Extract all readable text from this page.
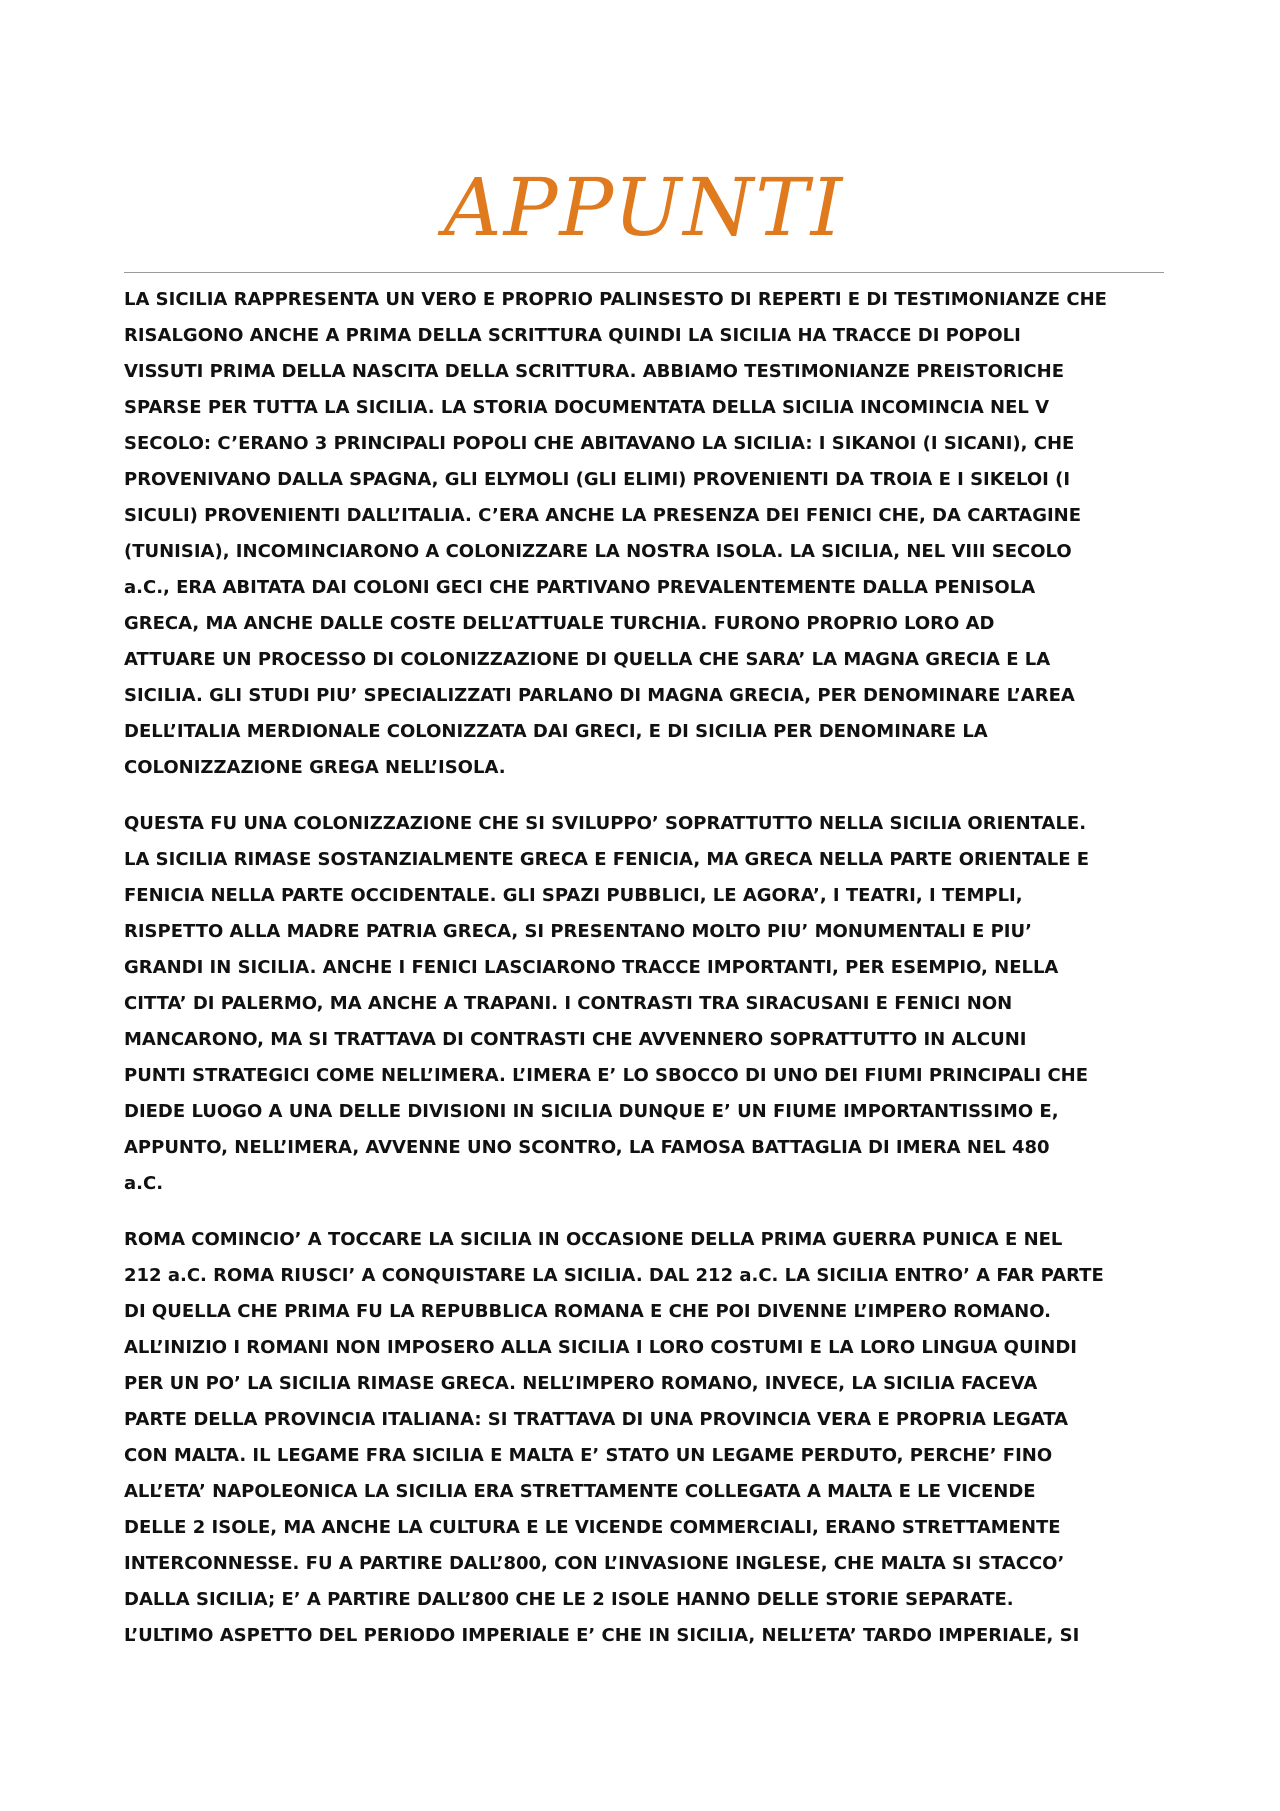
APPUNTI

LA SICILIA RAPPRESENTA UN VERO E PROPRIO PALINSESTO DI REPERTI E DI TESTIMONIANZE CHE
RISALGONO ANCHE A PRIMA DELLA SCRITTURA QUINDI LA SICILIA HA TRACCE DI POPOLI
VISSUTI PRIMA DELLA NASCITA DELLA SCRITTURA. ABBIAMO TESTIMONIANZE PREISTORICHE
SPARSE PER TUTTA LA SICILIA. LA STORIA DOCUMENTATA DELLA SICILIA INCOMINCIA NEL V
SECOLO: C’ERANO 3 PRINCIPALI POPOLI CHE ABITAVANO LA SICILIA: I SIKANOI (I SICANI), CHE
PROVENIVANO DALLA SPAGNA, GLI ELYMOLI (GLI ELIMI) PROVENIENTI DA TROIA E I SIKELOI (I
SICULI) PROVENIENTI DALL’ITALIA. C’ERA ANCHE LA PRESENZA DEI FENICI CHE, DA CARTAGINE
(TUNISIA), INCOMINCIARONO A COLONIZZARE LA NOSTRA ISOLA. LA SICILIA, NEL VIII SECOLO
a.C., ERA ABITATA DAI COLONI GECI CHE PARTIVANO PREVALENTEMENTE DALLA PENISOLA
GRECA, MA ANCHE DALLE COSTE DELL’ATTUALE TURCHIA. FURONO PROPRIO LORO AD
ATTUARE UN PROCESSO DI COLONIZZAZIONE DI QUELLA CHE SARA’ LA MAGNA GRECIA E LA
SICILIA. GLI STUDI PIU’ SPECIALIZZATI PARLANO DI MAGNA GRECIA, PER DENOMINARE L’AREA
DELL’ITALIA MERDIONALE COLONIZZATA DAI GRECI, E DI SICILIA PER DENOMINARE LA
COLONIZZAZIONE GREGA NELL’ISOLA.

QUESTA FU UNA COLONIZZAZIONE CHE SI SVILUPPO’ SOPRATTUTTO NELLA SICILIA ORIENTALE.
LA SICILIA RIMASE SOSTANZIALMENTE GRECA E FENICIA, MA GRECA NELLA PARTE ORIENTALE E
FENICIA NELLA PARTE OCCIDENTALE. GLI SPAZI PUBBLICI, LE AGORA’, I TEATRI, I TEMPLI,
RISPETTO ALLA MADRE PATRIA GRECA, SI PRESENTANO MOLTO PIU’ MONUMENTALI E PIU’
GRANDI IN SICILIA. ANCHE I FENICI LASCIARONO TRACCE IMPORTANTI, PER ESEMPIO, NELLA
CITTA’ DI PALERMO, MA ANCHE A TRAPANI. I CONTRASTI TRA SIRACUSANI E FENICI NON
MANCARONO, MA SI TRATTAVA DI CONTRASTI CHE AVVENNERO SOPRATTUTTO IN ALCUNI
PUNTI STRATEGICI COME NELL’IMERA. L’IMERA E’ LO SBOCCO DI UNO DEI FIUMI PRINCIPALI CHE
DIEDE LUOGO A UNA DELLE DIVISIONI IN SICILIA DUNQUE E’ UN FIUME IMPORTANTISSIMO E,
APPUNTO, NELL’IMERA, AVVENNE UNO SCONTRO, LA FAMOSA BATTAGLIA DI IMERA NEL 480
a.C.

ROMA COMINCIO’ A TOCCARE LA SICILIA IN OCCASIONE DELLA PRIMA GUERRA PUNICA E NEL
212 a.C. ROMA RIUSCI’ A CONQUISTARE LA SICILIA. DAL 212 a.C. LA SICILIA ENTRO’ A FAR PARTE
DI QUELLA CHE PRIMA FU LA REPUBBLICA ROMANA E CHE POI DIVENNE L’IMPERO ROMANO.
ALL’INIZIO I ROMANI NON IMPOSERO ALLA SICILIA I LORO COSTUMI E LA LORO LINGUA QUINDI
PER UN PO’ LA SICILIA RIMASE GRECA. NELL’IMPERO ROMANO, INVECE, LA SICILIA FACEVA
PARTE DELLA PROVINCIA ITALIANA: SI TRATTAVA DI UNA PROVINCIA VERA E PROPRIA LEGATA
CON MALTA. IL LEGAME FRA SICILIA E MALTA E’ STATO UN LEGAME PERDUTO, PERCHE’ FINO
ALL’ETA’ NAPOLEONICA LA SICILIA ERA STRETTAMENTE COLLEGATA A MALTA E LE VICENDE
DELLE 2 ISOLE, MA ANCHE LA CULTURA E LE VICENDE COMMERCIALI, ERANO STRETTAMENTE
INTERCONNESSE. FU A PARTIRE DALL’800, CON L’INVASIONE INGLESE, CHE MALTA SI STACCO’
DALLA SICILIA; E’ A PARTIRE DALL’800 CHE LE 2 ISOLE HANNO DELLE STORIE SEPARATE.
L’ULTIMO ASPETTO DEL PERIODO IMPERIALE E’ CHE IN SICILIA, NELL’ETA’ TARDO IMPERIALE, SI
